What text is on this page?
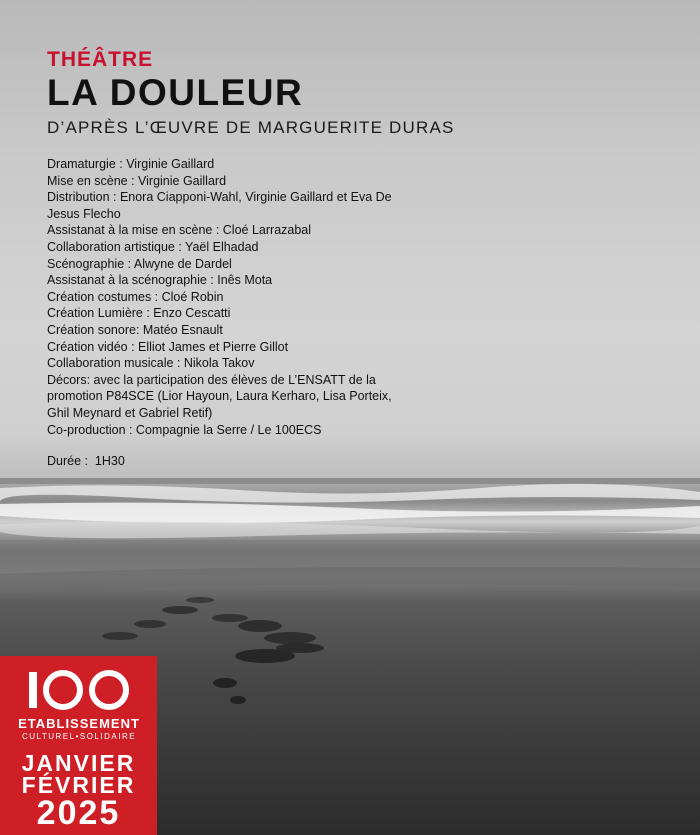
THÉÂTRE
LA DOULEUR

D’APRÈS L’ŒUVRE DE MARGUERITE DURAS

Dramaturgie : Virginie Gaillard
Mise en scène : Virginie Gaillard
Distribution : Enora Ciapponi-Wahl, Virginie Gaillard et Eva De Jesus Flecho
Assistanat à la mise en scène : Cloé Larrazabal
Collaboration artistique : Yaël Elhadad
Scénographie : Alwyne de Dardel
Assistanat à la scénographie : Inês Mota
Création costumes : Cloé Robin
Création Lumière : Enzo Cescatti
Création sonore: Matéo Esnault
Création vidéo : Elliot James et Pierre Gillot
Collaboration musicale : Nikola Takov
Décors: avec la participation des élèves de L’ENSATT de la promotion P84SCE (Lior Hayoun, Laura Kerharo, Lisa Porteix, Ghil Meynard et Gabriel Retif)
Co-production : Compagnie la Serre / Le 100ECS
Durée :  1H30
ETABLISSEMENT
CULTUREL•SOLIDAIRE
JANVIER
FÉVRIER
2025
